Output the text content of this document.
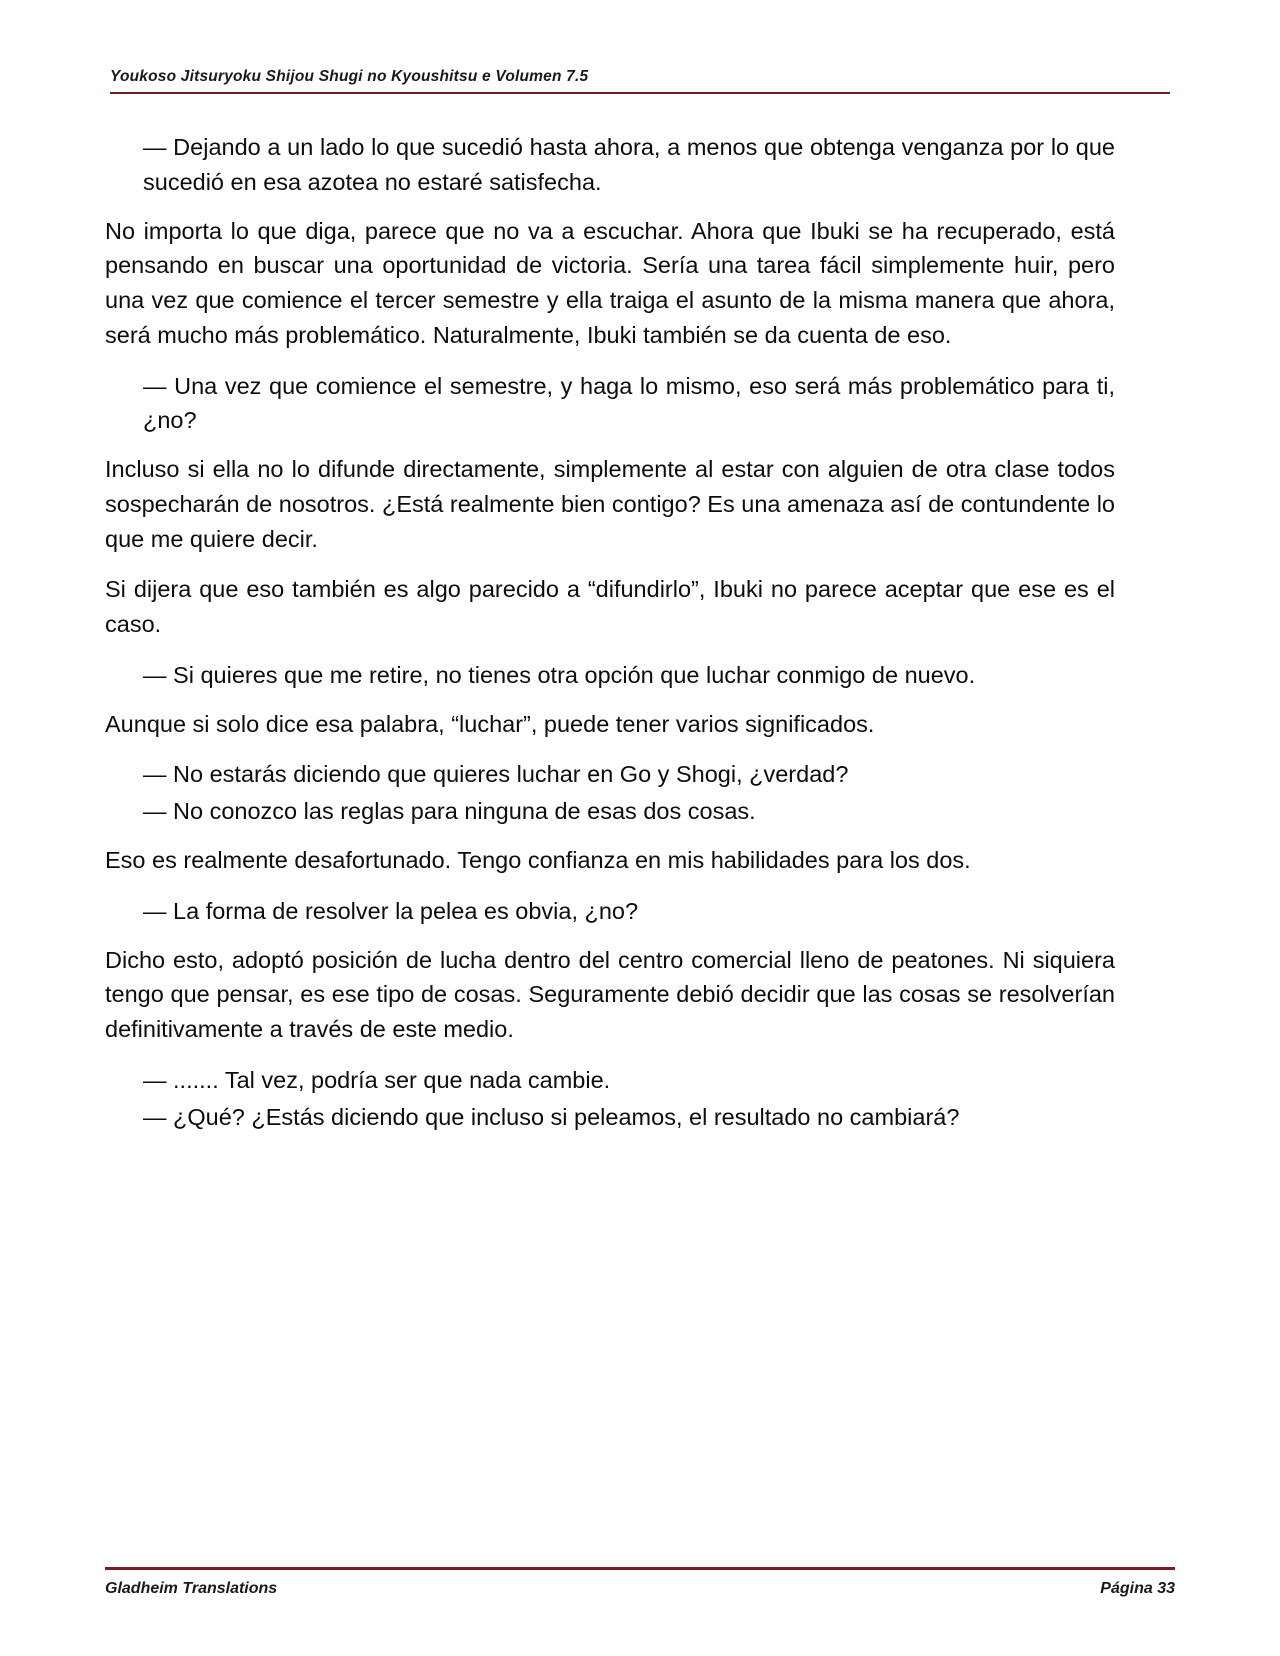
Youkoso Jitsuryoku Shijou Shugi no Kyoushitsu e Volumen 7.5

— Dejando a un lado lo que sucedió hasta ahora, a menos que obtenga venganza por lo que sucedió en esa azotea no estaré satisfecha.

No importa lo que diga, parece que no va a escuchar. Ahora que Ibuki se ha recuperado, está pensando en buscar una oportunidad de victoria. Sería una tarea fácil simplemente huir, pero una vez que comience el tercer semestre y ella traiga el asunto de la misma manera que ahora, será mucho más problemático. Naturalmente, Ibuki también se da cuenta de eso.

— Una vez que comience el semestre, y haga lo mismo, eso será más problemático para ti, ¿no?

Incluso si ella no lo difunde directamente, simplemente al estar con alguien de otra clase todos sospecharán de nosotros. ¿Está realmente bien contigo? Es una amenaza así de contundente lo que me quiere decir.

Si dijera que eso también es algo parecido a “difundirlo”, Ibuki no parece aceptar que ese es el caso.

— Si quieres que me retire, no tienes otra opción que luchar conmigo de nuevo.

Aunque si solo dice esa palabra, “luchar”, puede tener varios significados.

— No estarás diciendo que quieres luchar en Go y Shogi, ¿verdad?

— No conozco las reglas para ninguna de esas dos cosas.

Eso es realmente desafortunado. Tengo confianza en mis habilidades para los dos.

— La forma de resolver la pelea es obvia, ¿no?

Dicho esto, adoptó posición de lucha dentro del centro comercial lleno de peatones. Ni siquiera tengo que pensar, es ese tipo de cosas. Seguramente debió decidir que las cosas se resolverían definitivamente a través de este medio.

— ....... Tal vez, podría ser que nada cambie.

— ¿Qué? ¿Estás diciendo que incluso si peleamos, el resultado no cambiará?

Gladheim Translations	Página 33
